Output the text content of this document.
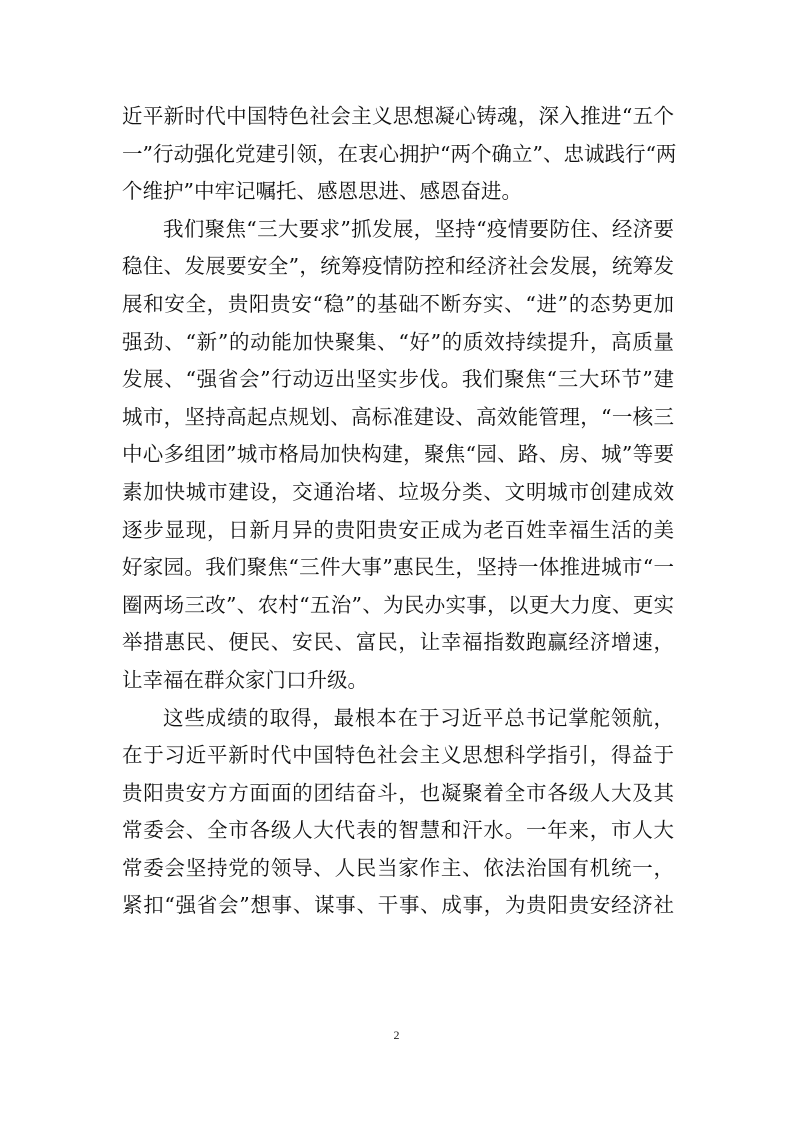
近平新时代中国特色社会主义思想凝心铸魂，深入推进“五个
一”行动强化党建引领，在衷心拥护“两个确立”、忠诚践行“两
个维护”中牢记嘱托、感恩思进、感恩奋进。
我们聚焦“三大要求”抓发展，坚持“疫情要防住、经济要
稳住、发展要安全”，统筹疫情防控和经济社会发展，统筹发
展和安全，贵阳贵安“稳”的基础不断夯实、“进”的态势更加
强劲、“新”的动能加快聚集、“好”的质效持续提升，高质量
发展、“强省会”行动迈出坚实步伐。我们聚焦“三大环节”建
城市，坚持高起点规划、高标准建设、高效能管理，“一核三
中心多组团”城市格局加快构建，聚焦“园、路、房、城”等要
素加快城市建设，交通治堵、垃圾分类、文明城市创建成效
逐步显现，日新月异的贵阳贵安正成为老百姓幸福生活的美
好家园。我们聚焦“三件大事”惠民生，坚持一体推进城市“一
圈两场三改”、农村“五治”、为民办实事，以更大力度、更实
举措惠民、便民、安民、富民，让幸福指数跑赢经济增速，
让幸福在群众家门口升级。
这些成绩的取得，最根本在于习近平总书记掌舵领航，
在于习近平新时代中国特色社会主义思想科学指引，得益于
贵阳贵安方方面面的团结奋斗，也凝聚着全市各级人大及其
常委会、全市各级人大代表的智慧和汗水。一年来，市人大
常委会坚持党的领导、人民当家作主、依法治国有机统一，
紧扣“强省会”想事、谋事、干事、成事，为贵阳贵安经济社
2
